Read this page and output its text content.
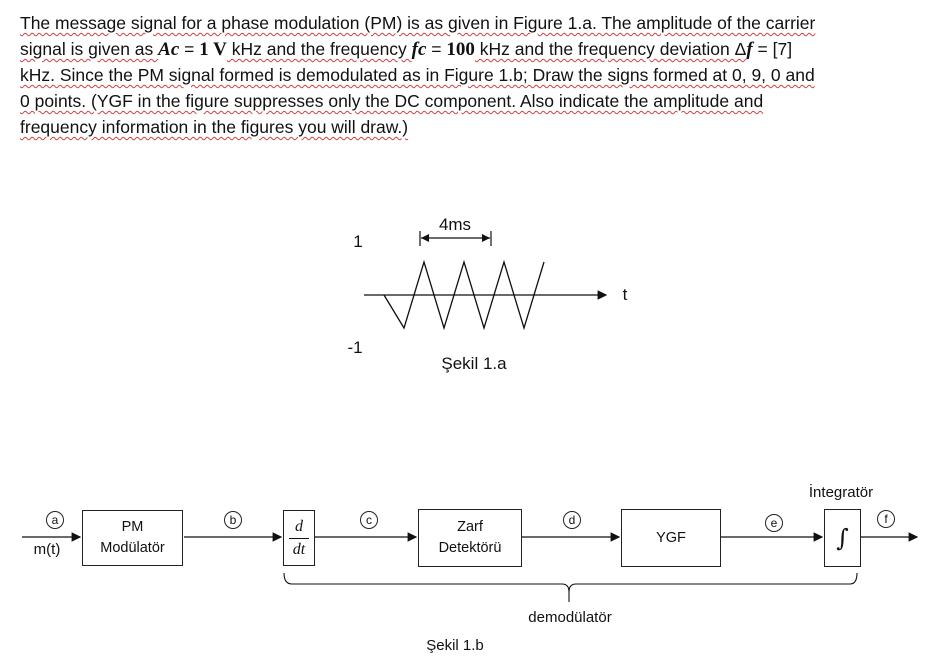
The message signal for a phase modulation (PM) is as given in Figure 1.a. The amplitude of the carrier
signal is given as Ac = 1 V kHz and the frequency fc = 100 kHz and the frequency deviation Δf = [7]
kHz. Since the PM signal formed is demodulated as in Figure 1.b; Draw the signs formed at 0, 9, 0 and
0 points. (YGF in the figure suppresses only the DC component. Also indicate the amplitude and
frequency information in the figures you will draw.)
4ms
1
-1
t
Şekil 1.a
m(t)
a	b	c	d	e	f
PM
Modülatör
d
dt
Zarf
Detektörü
YGF
İntegratör
∫
demodülatör
Şekil 1.b
